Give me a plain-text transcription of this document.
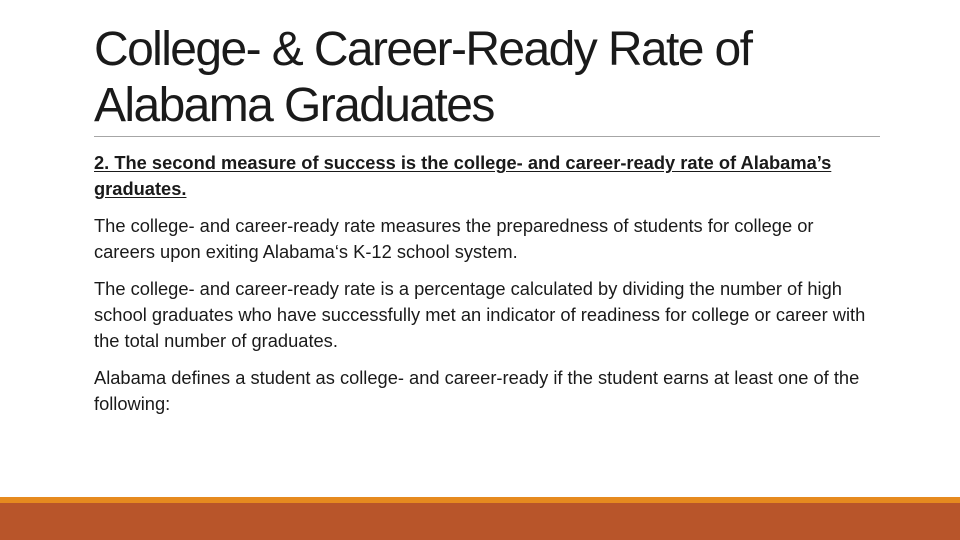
College- & Career-Ready Rate of
Alabama Graduates

2. The second measure of success is the college- and career-ready rate of Alabama’s graduates.

The college- and career-ready rate measures the preparedness of students for college or careers upon exiting Alabama‘s K-12 school system.

The college- and career-ready rate is a percentage calculated by dividing the number of high school graduates who have successfully met an indicator of readiness for college or career with the total number of graduates.

Alabama defines a student as college- and career-ready if the student earns at least one of the following:
